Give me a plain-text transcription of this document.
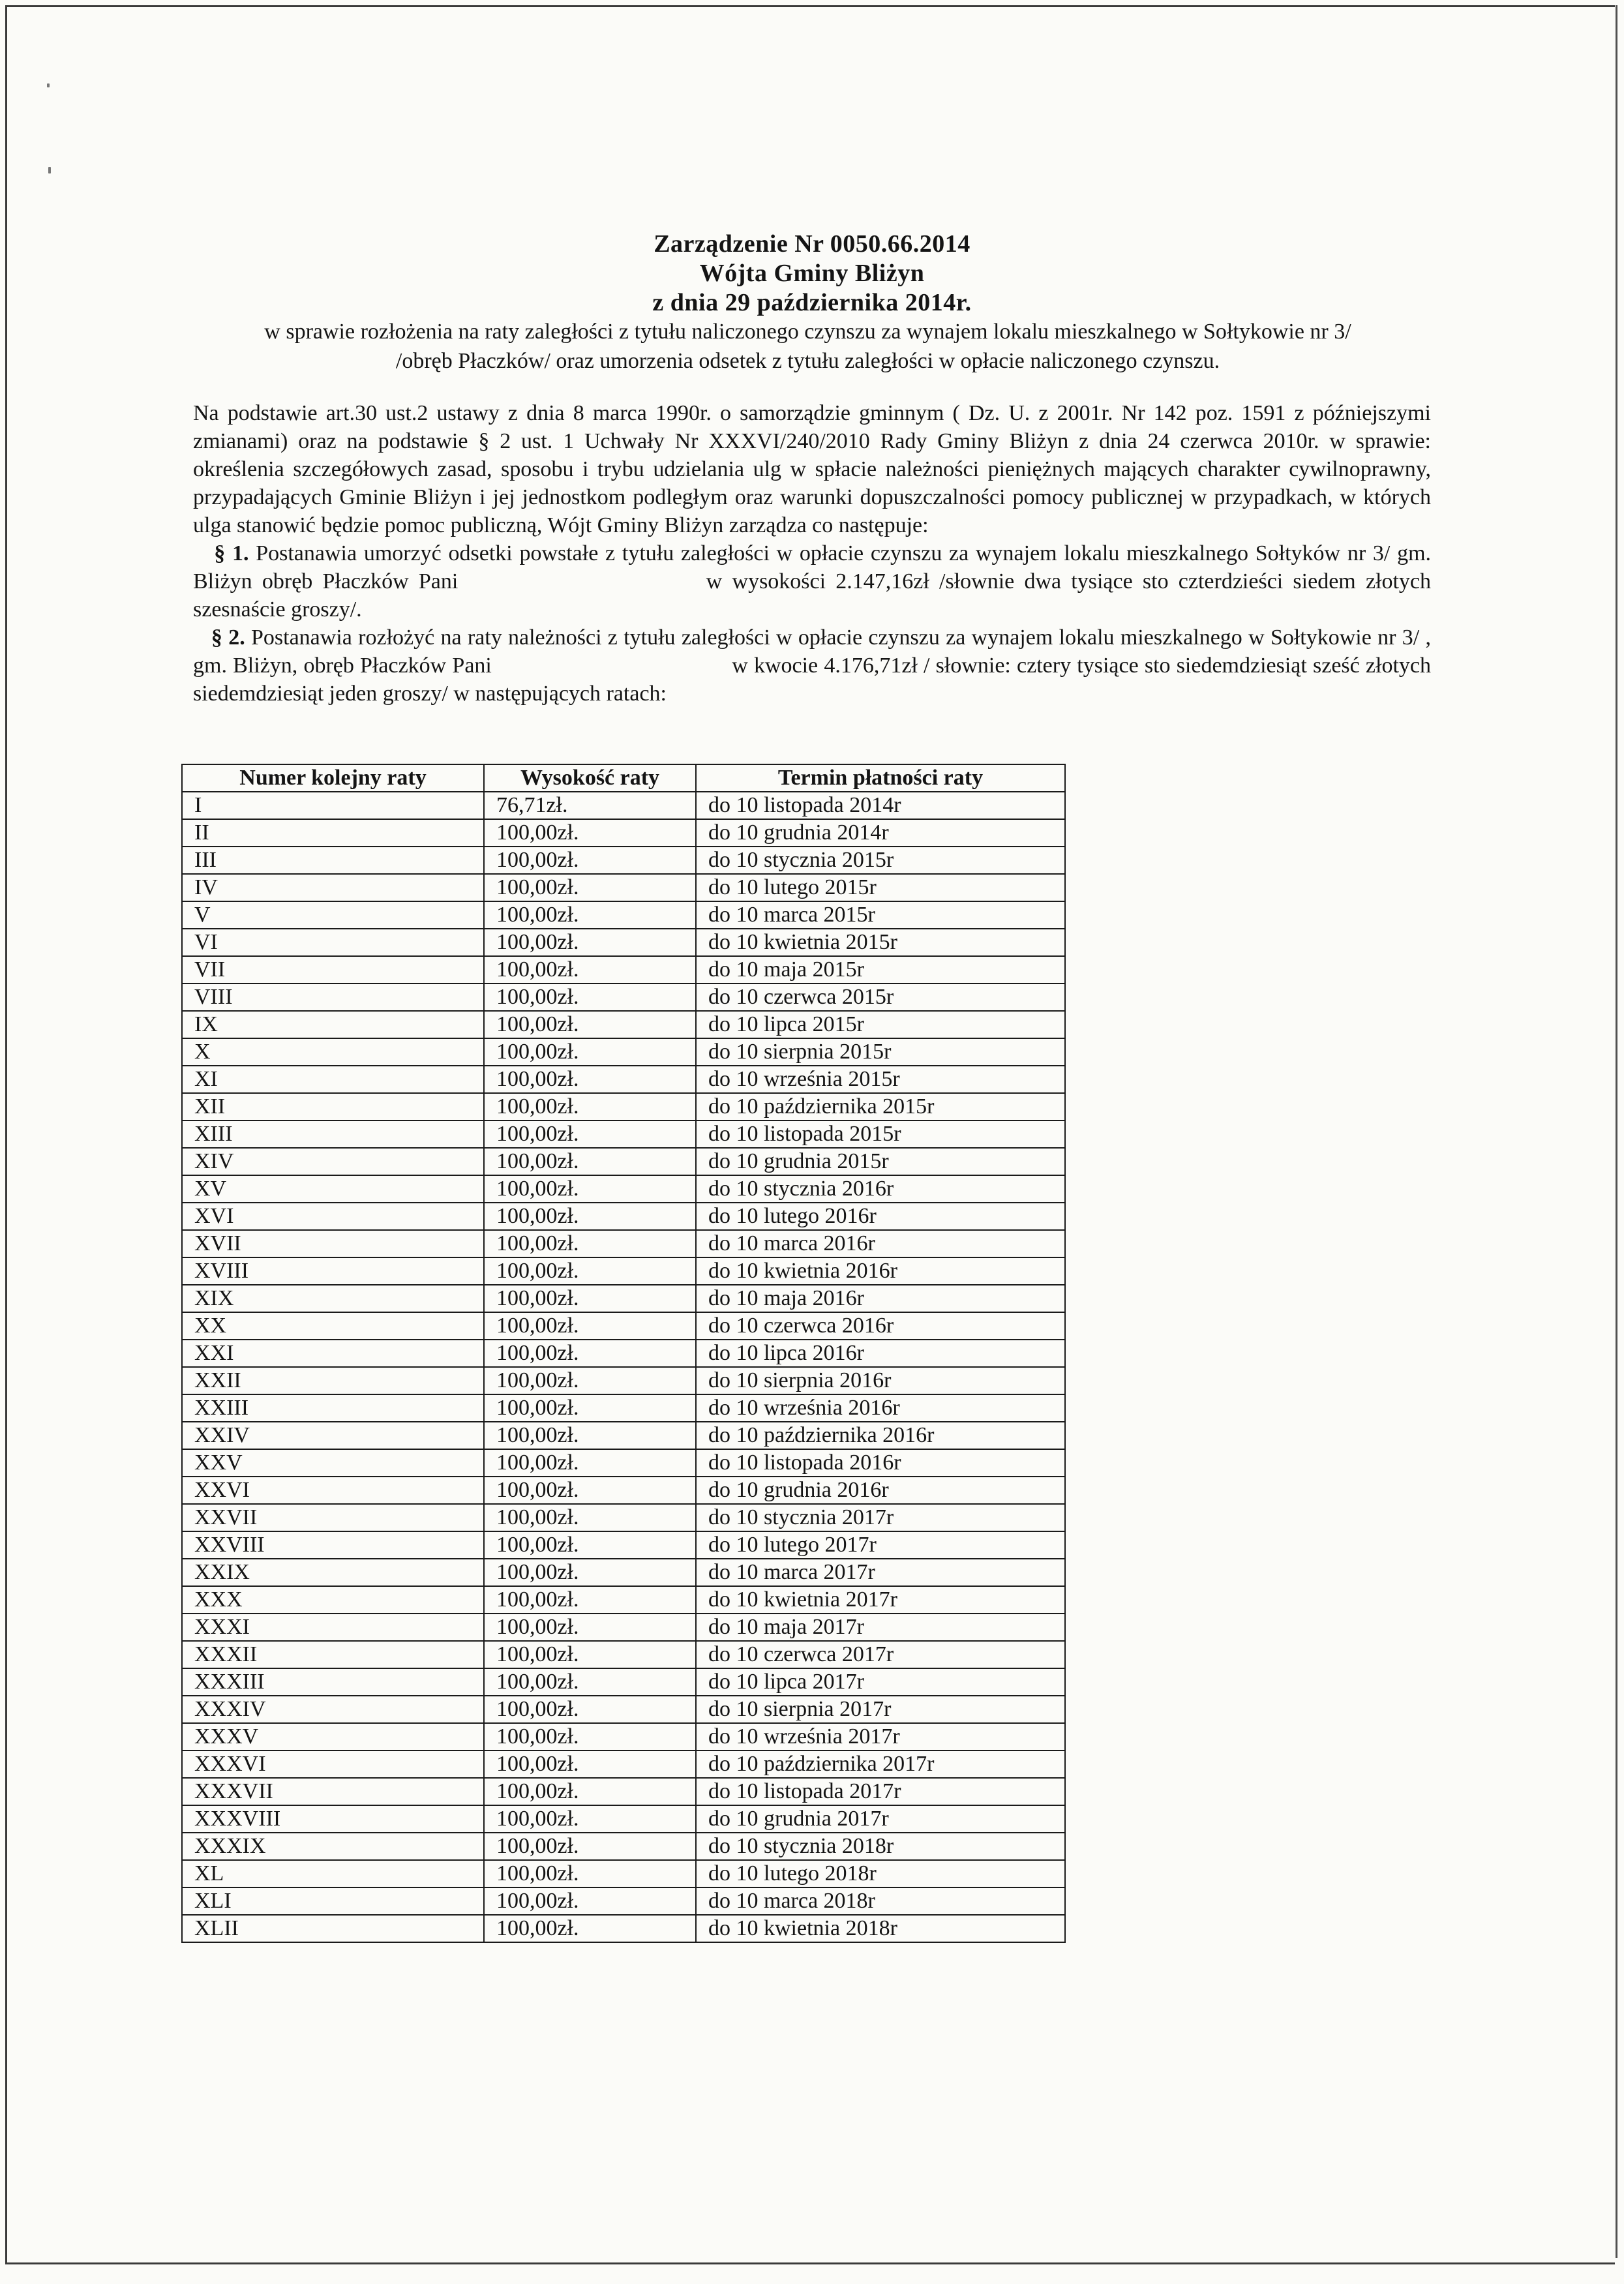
Zarządzenie Nr 0050.66.2014
Wójta Gminy Bliżyn
z dnia 29 października 2014r.
w sprawie rozłożenia na raty zaległości z tytułu naliczonego czynszu za wynajem lokalu mieszkalnego w Sołtykowie nr 3/
/obręb Płaczków/ oraz umorzenia odsetek z tytułu zaległości w opłacie naliczonego czynszu.

Na podstawie art.30 ust.2 ustawy z dnia 8 marca 1990r. o samorządzie gminnym ( Dz. U. z 2001r. Nr 142 poz. 1591 z późniejszymi zmianami) oraz na podstawie § 2 ust. 1 Uchwały Nr XXXVI/240/2010 Rady Gminy Bliżyn z dnia 24 czerwca 2010r. w sprawie: określenia szczegółowych zasad, sposobu i trybu udzielania ulg w spłacie należności pieniężnych mających charakter cywilnoprawny, przypadających Gminie Bliżyn i jej jednostkom podległym oraz warunki dopuszczalności pomocy publicznej w przypadkach, w których ulga stanowić będzie pomoc publiczną, Wójt Gminy Bliżyn zarządza co następuje:

§ 1. Postanawia umorzyć odsetki powstałe z tytułu zaległości w opłacie czynszu za wynajem lokalu mieszkalnego Sołtyków nr 3/ gm. Bliżyn obręb Płaczków Pani	w wysokości 2.147,16zł /słownie dwa tysiące sto czterdzieści siedem złotych szesnaście groszy/.

§ 2. Postanawia rozłożyć na raty należności z tytułu zaległości w opłacie czynszu za wynajem lokalu mieszkalnego w Sołtykowie nr 3/ , gm. Bliżyn, obręb Płaczków Pani	w kwocie 4.176,71zł / słownie: cztery tysiące sto siedemdziesiąt sześć złotych siedemdziesiąt jeden groszy/ w następujących ratach:

Numer kolejny raty	Wysokość raty	Termin płatności raty
I	76,71zł.	do 10 listopada 2014r
II	100,00zł.	do 10 grudnia 2014r
III	100,00zł.	do 10 stycznia 2015r
IV	100,00zł.	do 10 lutego 2015r
V	100,00zł.	do 10 marca 2015r
VI	100,00zł.	do 10 kwietnia 2015r
VII	100,00zł.	do 10 maja 2015r
VIII	100,00zł.	do 10 czerwca 2015r
IX	100,00zł.	do 10 lipca 2015r
X	100,00zł.	do 10 sierpnia 2015r
XI	100,00zł.	do 10 września 2015r
XII	100,00zł.	do 10 października 2015r
XIII	100,00zł.	do 10 listopada 2015r
XIV	100,00zł.	do 10 grudnia 2015r
XV	100,00zł.	do 10 stycznia 2016r
XVI	100,00zł.	do 10 lutego 2016r
XVII	100,00zł.	do 10 marca 2016r
XVIII	100,00zł.	do 10 kwietnia 2016r
XIX	100,00zł.	do 10 maja 2016r
XX	100,00zł.	do 10 czerwca 2016r
XXI	100,00zł.	do 10 lipca 2016r
XXII	100,00zł.	do 10 sierpnia 2016r
XXIII	100,00zł.	do 10 września 2016r
XXIV	100,00zł.	do 10 października 2016r
XXV	100,00zł.	do 10 listopada 2016r
XXVI	100,00zł.	do 10 grudnia 2016r
XXVII	100,00zł.	do 10 stycznia 2017r
XXVIII	100,00zł.	do 10 lutego 2017r
XXIX	100,00zł.	do 10 marca 2017r
XXX	100,00zł.	do 10 kwietnia 2017r
XXXI	100,00zł.	do 10 maja 2017r
XXXII	100,00zł.	do 10 czerwca 2017r
XXXIII	100,00zł.	do 10 lipca 2017r
XXXIV	100,00zł.	do 10 sierpnia 2017r
XXXV	100,00zł.	do 10 września 2017r
XXXVI	100,00zł.	do 10 października 2017r
XXXVII	100,00zł.	do 10 listopada 2017r
XXXVIII	100,00zł.	do 10 grudnia 2017r
XXXIX	100,00zł.	do 10 stycznia 2018r
XL	100,00zł.	do 10 lutego 2018r
XLI	100,00zł.	do 10 marca 2018r
XLII	100,00zł.	do 10 kwietnia 2018r
